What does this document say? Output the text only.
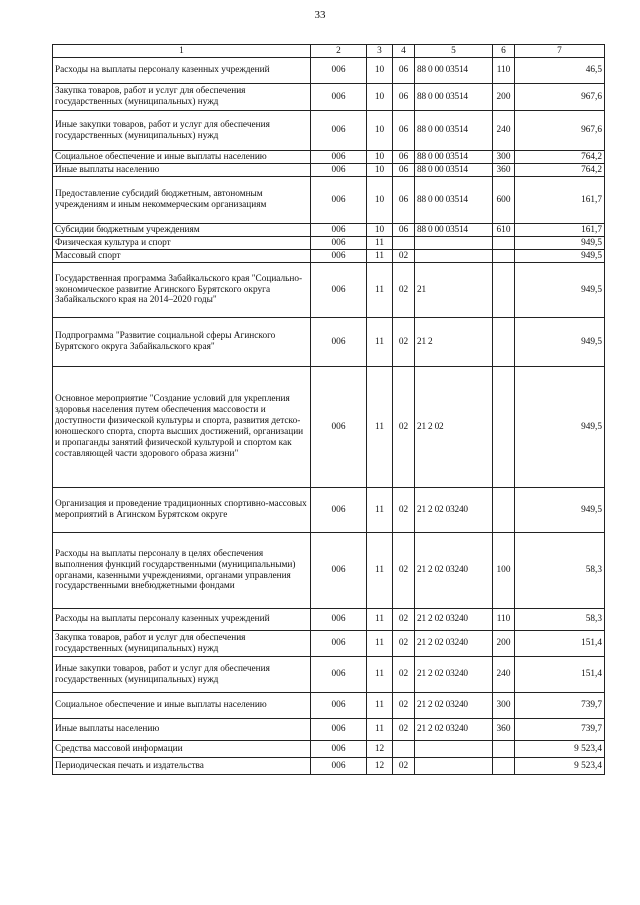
33
1	2	3	4	5	6	7
Расходы на выплаты персоналу казенных учреждений	006	10	06	88 0 00 03514	110	46,5
Закупка товаров, работ и услуг для обеспечения государственных (муниципальных) нужд	006	10	06	88 0 00 03514	200	967,6
Иные закупки товаров, работ и услуг для обеспечения государственных (муниципальных) нужд	006	10	06	88 0 00 03514	240	967,6
Социальное обеспечение и иные выплаты населению	006	10	06	88 0 00 03514	300	764,2
Иные выплаты населению	006	10	06	88 0 00 03514	360	764,2
Предоставление субсидий бюджетным, автономным учреждениям и иным некоммерческим организациям	006	10	06	88 0 00 03514	600	161,7
Субсидии бюджетным учреждениям	006	10	06	88 0 00 03514	610	161,7
Физическая культура и спорт	006	11				949,5
Массовый спорт	006	11	02			949,5
Государственная программа Забайкальского края "Социально-экономическое развитие Агинского Бурятского округа Забайкальского края на 2014–2020 годы"	006	11	02	21		949,5
Подпрограмма "Развитие социальной сферы Агинского Бурятского округа Забайкальского края"	006	11	02	21 2		949,5
Основное мероприятие "Создание условий для укрепления здоровья населения путем обеспечения массовости и доступности физической культуры и спорта, развития детско-юношеского спорта, спорта высших достижений, организации и пропаганды занятий физической культурой и спортом как составляющей части здорового образа жизни"	006	11	02	21 2 02		949,5
Организация и проведение традиционных спортивно-массовых мероприятий в Агинском Бурятском округе	006	11	02	21 2 02 03240		949,5
Расходы на выплаты персоналу в целях обеспечения выполнения функций государственными (муниципальными) органами, казенными учреждениями, органами управления государственными внебюджетными фондами	006	11	02	21 2 02 03240	100	58,3
Расходы на выплаты персоналу казенных учреждений	006	11	02	21 2 02 03240	110	58,3
Закупка товаров, работ и услуг для обеспечения государственных (муниципальных) нужд	006	11	02	21 2 02 03240	200	151,4
Иные закупки товаров, работ и услуг для обеспечения государственных (муниципальных) нужд	006	11	02	21 2 02 03240	240	151,4
Социальное обеспечение и иные выплаты населению	006	11	02	21 2 02 03240	300	739,7
Иные выплаты населению	006	11	02	21 2 02 03240	360	739,7
Средства массовой информации	006	12				9 523,4
Периодическая печать и издательства	006	12	02			9 523,4
